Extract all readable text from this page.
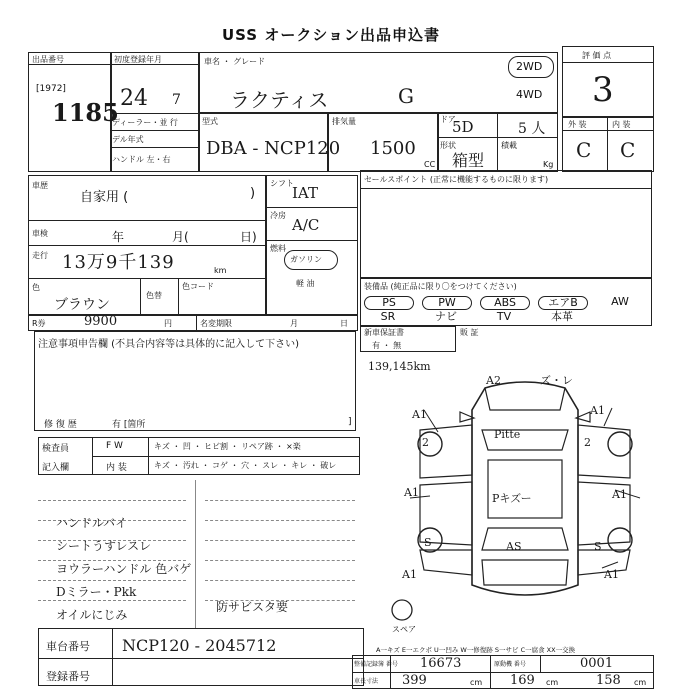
USS オークション出品申込書
出品番号
[1972]
1185
初度登録年月
24 7
ディーラー・並 行
デル年式
ハンドル 左・右
車名 ・ グレード
ラクティス	G
2WD
4WD
型式
DBA - NCP120
排気量
1500
CC
ドア
5D	5 人
形状
箱型
積載
Kg
評 価 点
3
外 装	内 装
C C
車歴
自家用 (	)
車検	年	月(	日)
走行 13万9千139	km
色
ブラウン
色替
色コード
シフト
IAT
冷房
A/C
燃料
ガソリン
軽 油
セールスポイント (正常に機能するものに限ります)
装備品 (純正品に限り〇をつけてください)
PS	PW	ABS	エアB	AW
SR	ナビ	TV	本革
R券	9900	円	名変期限	月	日
新車保証書
有 ・ 無
販 証
注意事項申告欄 (不具合内容等は具体的に記入して下さい)
修 復 歴	有 [箇所	]
検査員
記入欄
F W	キズ ・ 凹 ・ ヒビ割 ・ リペア跡 ・ ×楽
内 装	キズ ・ 汚れ ・ コゲ ・ 穴 ・ スレ ・ キレ ・ 破レ
ハンドルバイ
シートうすレスレ
ヨウラーハンドル 色バゲ
Dミラー・Pkk
オイルにじみ
防サビスタ要
139,145km
A2	ズ・レ
A1	A1
Pitte
2	2
Pキズー
A1	A1
S	S
AS
A1	A1
スペア
車台番号 NCP120 - 2045712
登録番号
A一キズ E一エクボ U一凹み W一修復跡 S一サビ C一腐食 XX一交換
整備記録簿 番号 16673	原動機 番号	0001
車長寸法 399	cm 169 cm	158 cm
